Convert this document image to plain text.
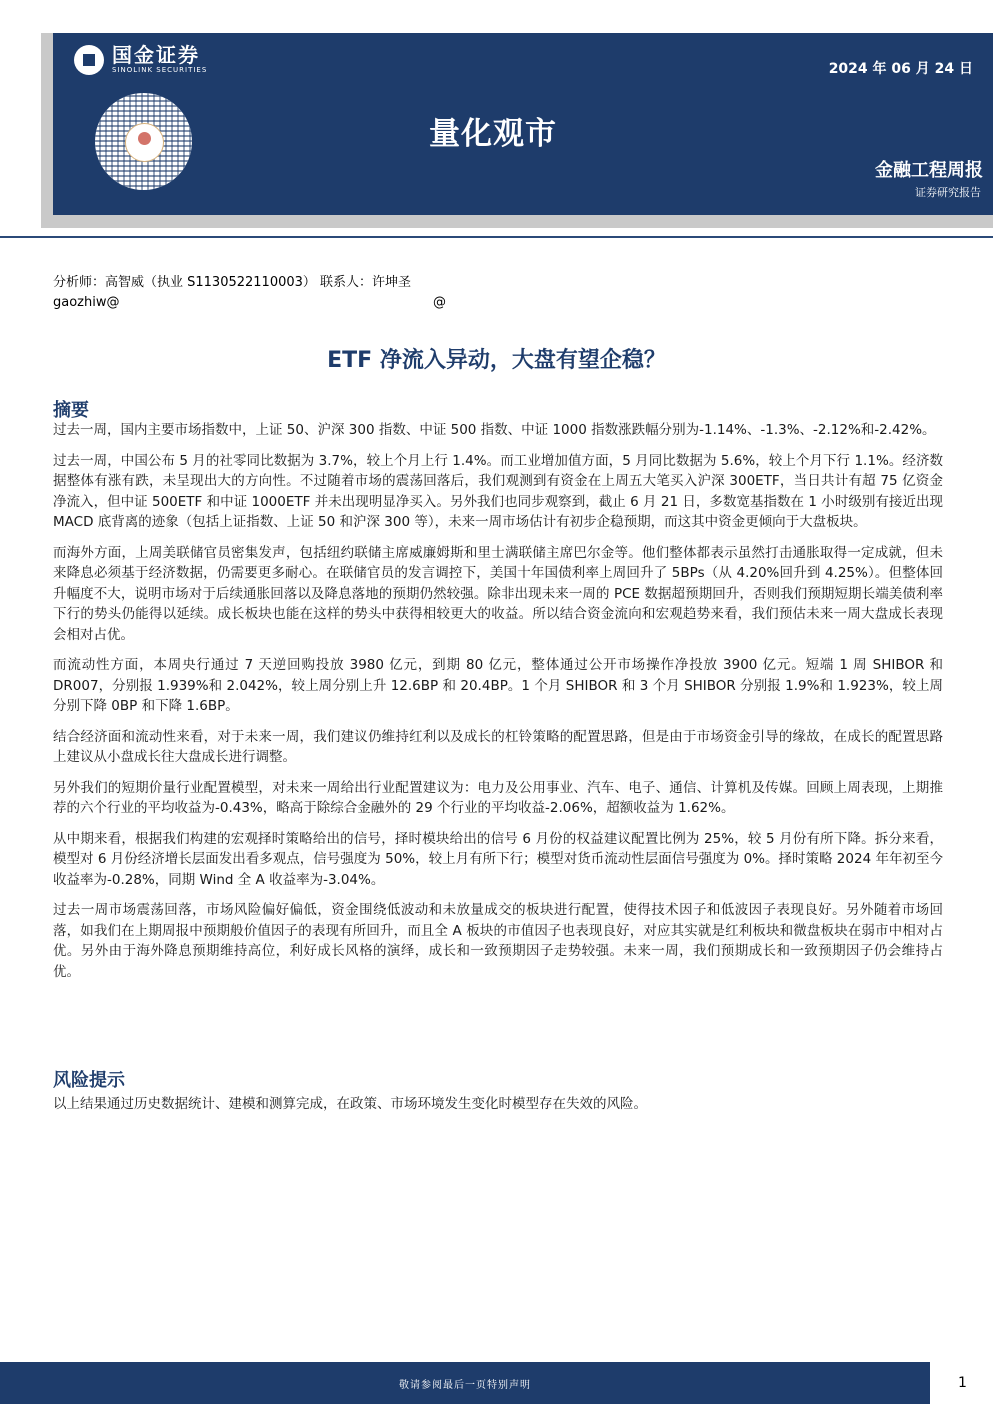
国金证券
SINOLINK SECURITIES	2024 年 06 月 24 日
量化观市
金融工程周报
证券研究报告
分析师：高智威（执业 S1130522110003） 联系人：许坤圣
gaozhiw@	@
ETF 净流入异动，大盘有望企稳？
摘要

过去一周，国内主要市场指数中，上证 50、沪深 300 指数、中证 500 指数、中证 1000 指数涨跌幅分别为-1.14%、-1.3%、-2.12%和-2.42%。

过去一周，中国公布 5 月的社零同比数据为 3.7%，较上个月上行 1.4%。而工业增加值方面，5 月同比数据为 5.6%，较上个月下行 1.1%。经济数据整体有涨有跌，未呈现出大的方向性。不过随着市场的震荡回落后，我们观测到有资金在上周五大笔买入沪深 300ETF，当日共计有超 75 亿资金净流入，但中证 500ETF 和中证 1000ETF 并未出现明显净买入。另外我们也同步观察到，截止 6 月 21 日，多数宽基指数在 1 小时级别有接近出现 MACD 底背离的迹象（包括上证指数、上证 50 和沪深 300 等），未来一周市场估计有初步企稳预期，而这其中资金更倾向于大盘板块。

而海外方面，上周美联储官员密集发声，包括纽约联储主席威廉姆斯和里士满联储主席巴尔金等。他们整体都表示虽然打击通胀取得一定成就，但未来降息必须基于经济数据，仍需要更多耐心。在联储官员的发言调控下，美国十年国债利率上周回升了 5BPs（从 4.20%回升到 4.25%）。但整体回升幅度不大，说明市场对于后续通胀回落以及降息落地的预期仍然较强。除非出现未来一周的 PCE 数据超预期回升，否则我们预期短期长端美债利率下行的势头仍能得以延续。成长板块也能在这样的势头中获得相较更大的收益。所以结合资金流向和宏观趋势来看，我们预估未来一周大盘成长表现会相对占优。

而流动性方面，本周央行通过 7 天逆回购投放 3980 亿元，到期 80 亿元，整体通过公开市场操作净投放 3900 亿元。短端 1 周 SHIBOR 和 DR007，分别报 1.939%和 2.042%，较上周分别上升 12.6BP 和 20.4BP。1 个月 SHIBOR 和 3 个月 SHIBOR 分别报 1.9%和 1.923%，较上周分别下降 0BP 和下降 1.6BP。

结合经济面和流动性来看，对于未来一周，我们建议仍维持红利以及成长的杠铃策略的配置思路，但是由于市场资金引导的缘故，在成长的配置思路上建议从小盘成长往大盘成长进行调整。

另外我们的短期价量行业配置模型，对未来一周给出行业配置建议为：电力及公用事业、汽车、电子、通信、计算机及传媒。回顾上周表现，上期推荐的六个行业的平均收益为-0.43%，略高于除综合金融外的 29 个行业的平均收益-2.06%，超额收益为 1.62%。

从中期来看，根据我们构建的宏观择时策略给出的信号，择时模块给出的信号 6 月份的权益建议配置比例为 25%，较 5 月份有所下降。拆分来看，模型对 6 月份经济增长层面发出看多观点，信号强度为 50%，较上月有所下行；模型对货币流动性层面信号强度为 0%。择时策略 2024 年年初至今收益率为-0.28%，同期 Wind 全 A 收益率为-3.04%。

过去一周市场震荡回落，市场风险偏好偏低，资金围绕低波动和未放量成交的板块进行配置，使得技术因子和低波因子表现良好。另外随着市场回落，如我们在上期周报中预期般价值因子的表现有所回升，而且全 A 板块的市值因子也表现良好，对应其实就是红利板块和微盘板块在弱市中相对占优。另外由于海外降息预期维持高位，利好成长风格的演绎，成长和一致预期因子走势较强。未来一周，我们预期成长和一致预期因子仍会维持占优。

风险提示
以上结果通过历史数据统计、建模和测算完成，在政策、市场环境发生变化时模型存在失效的风险。
敬请参阅最后一页特别声明	1
